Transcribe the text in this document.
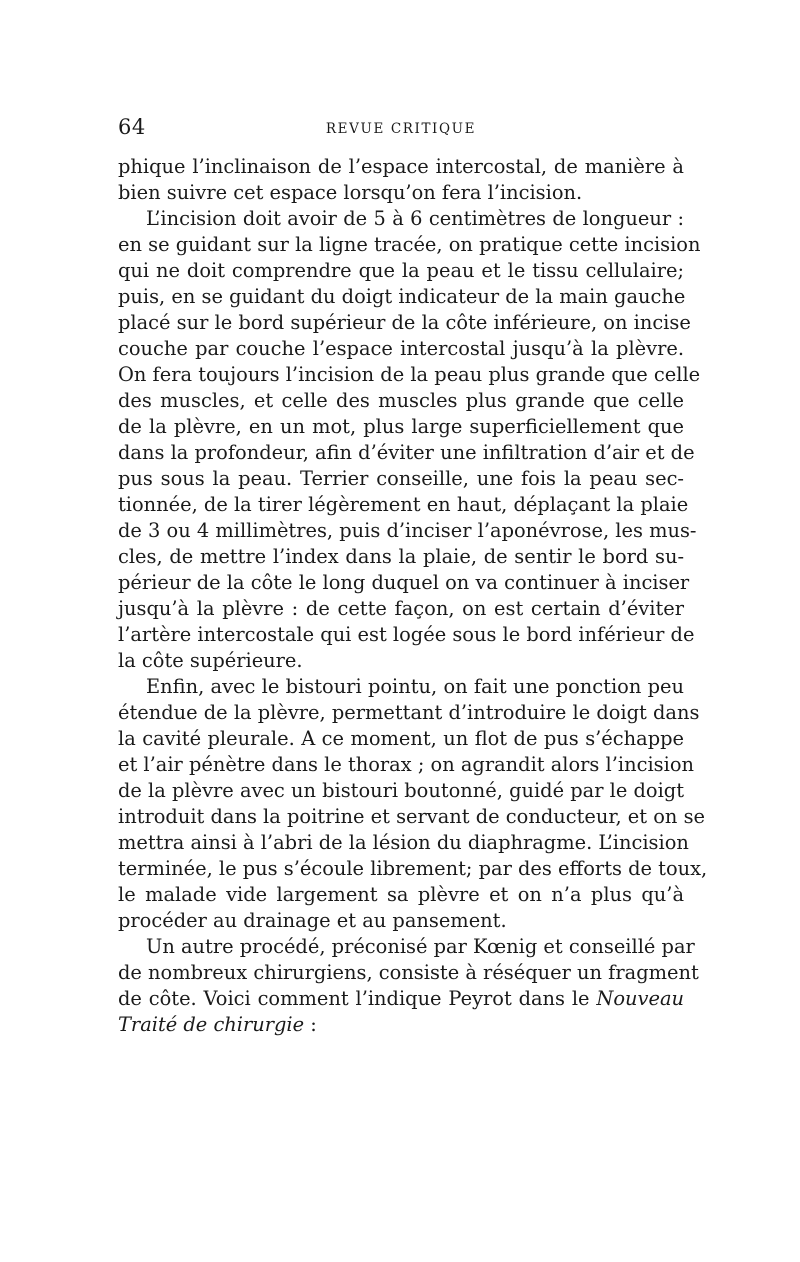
64	REVUE CRITIQUE
phique l’inclinaison de l’espace intercostal, de manière à
bien suivre cet espace lorsqu’on fera l’incision.
L’incision doit avoir de 5 à 6 centimètres de longueur :
en se guidant sur la ligne tracée, on pratique cette incision
qui ne doit comprendre que la peau et le tissu cellulaire;
puis, en se guidant du doigt indicateur de la main gauche
placé sur le bord supérieur de la côte inférieure, on incise
couche par couche l’espace intercostal jusqu’à la plèvre.
On fera toujours l’incision de la peau plus grande que celle
des muscles, et celle des muscles plus grande que celle
de la plèvre, en un mot, plus large superficiellement que
dans la profondeur, afin d’éviter une infiltration d’air et de
pus sous la peau. Terrier conseille, une fois la peau sec-
tionnée, de la tirer légèrement en haut, déplaçant la plaie
de 3 ou 4 millimètres, puis d’inciser l’aponévrose, les mus-
cles, de mettre l’index dans la plaie, de sentir le bord su-
périeur de la côte le long duquel on va continuer à inciser
jusqu’à la plèvre : de cette façon, on est certain d’éviter
l’artère intercostale qui est logée sous le bord inférieur de
la côte supérieure.
Enfin, avec le bistouri pointu, on fait une ponction peu
étendue de la plèvre, permettant d’introduire le doigt dans
la cavité pleurale. A ce moment, un flot de pus s’échappe
et l’air pénètre dans le thorax ; on agrandit alors l’incision
de la plèvre avec un bistouri boutonné, guidé par le doigt
introduit dans la poitrine et servant de conducteur, et on se
mettra ainsi à l’abri de la lésion du diaphragme. L’incision
terminée, le pus s’écoule librement; par des efforts de toux,
le malade vide largement sa plèvre et on n’a plus qu’à
procéder au drainage et au pansement.
Un autre procédé, préconisé par Kœnig et conseillé par
de nombreux chirurgiens, consiste à réséquer un fragment
de côte. Voici comment l’indique Peyrot dans le Nouveau
Traité de chirurgie :
